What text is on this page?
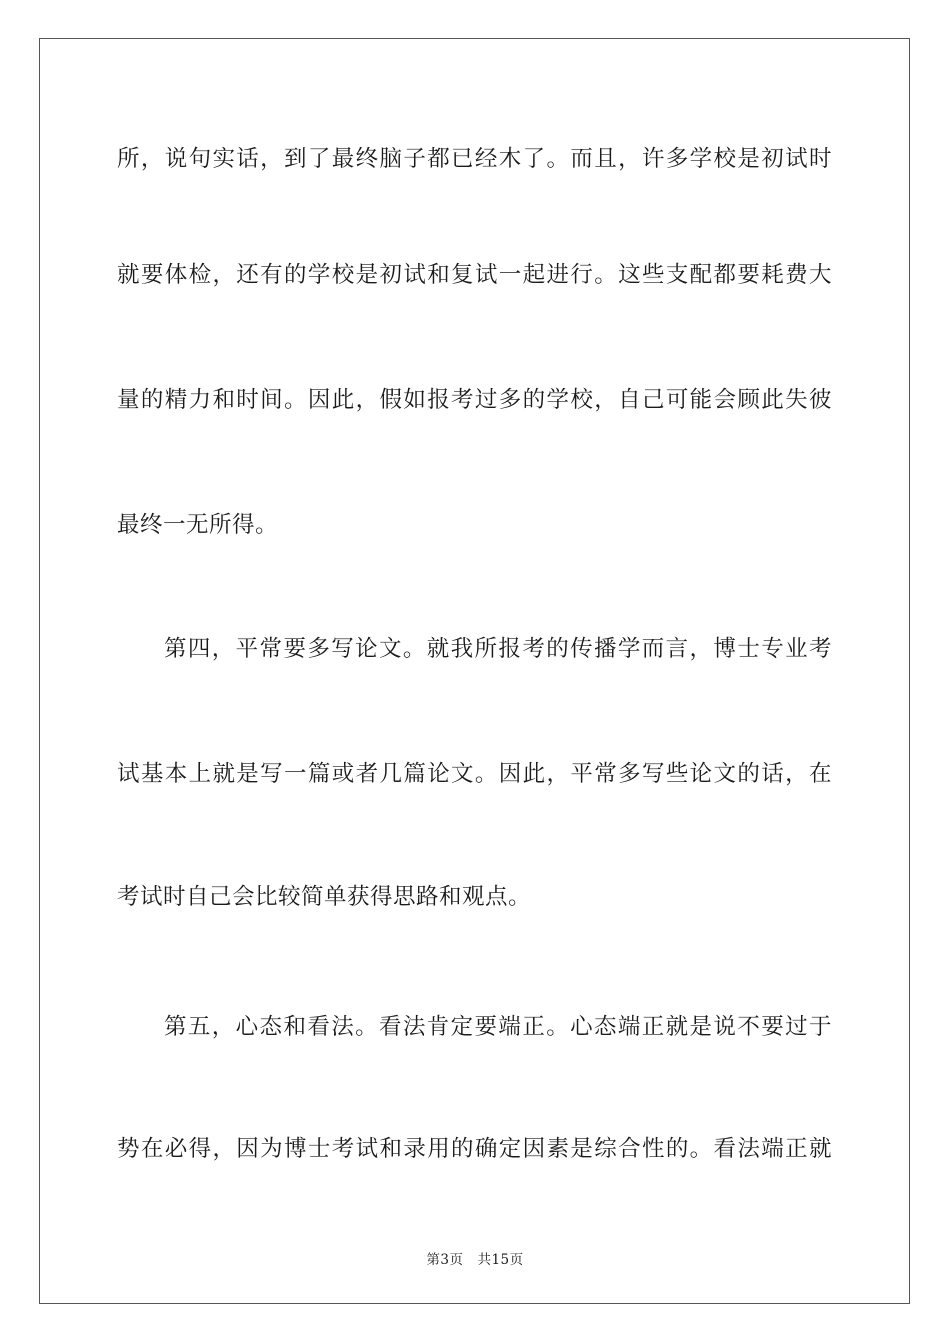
所，说句实话，到了最终脑子都已经木了。而且，许多学校是初试时
就要体检，还有的学校是初试和复试一起进行。这些支配都要耗费大
量的精力和时间。因此，假如报考过多的学校，自己可能会顾此失彼
最终一无所得。
第四，平常要多写论文。就我所报考的传播学而言，博士专业考
试基本上就是写一篇或者几篇论文。因此，平常多写些论文的话，在
考试时自己会比较简单获得思路和观点。
第五，心态和看法。看法肯定要端正。心态端正就是说不要过于
势在必得，因为博士考试和录用的确定因素是综合性的。看法端正就
第3页 共15页
